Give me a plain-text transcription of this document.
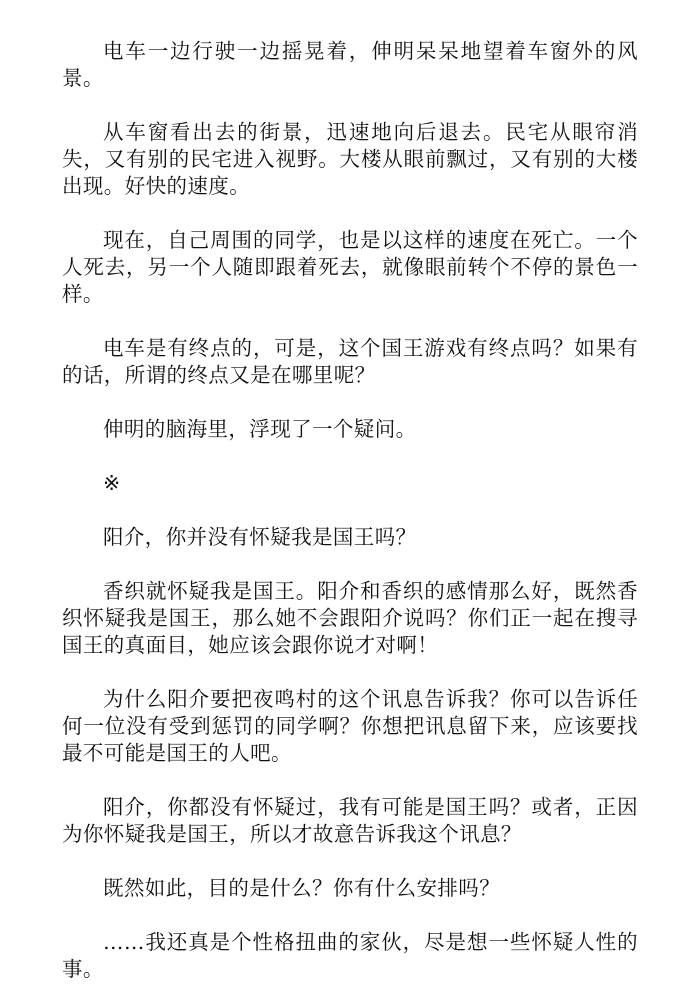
电车一边行驶一边摇晃着，伸明呆呆地望着车窗外的风景。

从车窗看出去的街景，迅速地向后退去。民宅从眼帘消失，又有别的民宅进入视野。大楼从眼前飘过，又有别的大楼出现。好快的速度。

现在，自己周围的同学，也是以这样的速度在死亡。一个人死去，另一个人随即跟着死去，就像眼前转个不停的景色一样。

电车是有终点的，可是，这个国王游戏有终点吗？如果有的话，所谓的终点又是在哪里呢？

伸明的脑海里，浮现了一个疑问。

※

阳介，你并没有怀疑我是国王吗？

香织就怀疑我是国王。阳介和香织的感情那么好，既然香织怀疑我是国王，那么她不会跟阳介说吗？你们正一起在搜寻国王的真面目，她应该会跟你说才对啊！

为什么阳介要把夜鸣村的这个讯息告诉我？你可以告诉任何一位没有受到惩罚的同学啊？你想把讯息留下来，应该要找最不可能是国王的人吧。

阳介，你都没有怀疑过，我有可能是国王吗？或者，正因为你怀疑我是国王，所以才故意告诉我这个讯息？

既然如此，目的是什么？你有什么安排吗？

……我还真是个性格扭曲的家伙，尽是想一些怀疑人性的事。
